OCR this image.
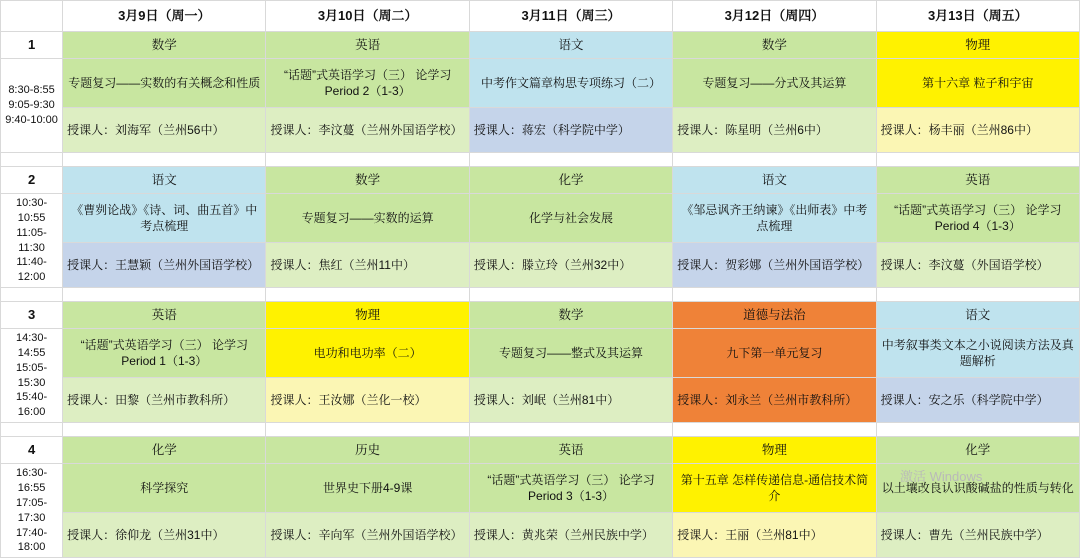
	3月9日（周一）	3月10日（周二）	3月11日（周三）	3月12日（周四）	3月13日（周五）
1	数学	英语	语文	数学	物理

8:30-8:55
9:05-9:30
9:40-10:00	专题复习——实数的有关概念和性质	“话题”式英语学习（三） 论学习 Period 2（1-3）	中考作文篇章构思专项练习（二）	专题复习——分式及其运算	第十六章 粒子和宇宙
	授课人：刘海军（兰州56中）	授课人：李汶蔓（兰州外国语学校）	授课人：蒋宏（科学院中学）	授课人：陈星明（兰州6中）	授课人：杨丰丽（兰州86中）

2	语文	数学	化学	语文	英语

10:30-10:55
11:05-11:30
11:40-12:00	《曹刿论战》《诗、词、曲五首》中考点梳理	专题复习——实数的运算	化学与社会发展	《邹忌讽齐王纳谏》《出师表》中考点梳理	“话题”式英语学习（三） 论学习 Period 4（1-3）
	授课人：王慧颖（兰州外国语学校）	授课人：焦红（兰州11中）	授课人：滕立玲（兰州32中）	授课人：贺彩娜（兰州外国语学校）	授课人：李汶蔓（外国语学校）

3	英语	物理	数学	道德与法治	语文

14:30-14:55
15:05-15:30
15:40-16:00	“话题”式英语学习（三） 论学习 Period 1（1-3）	电功和电功率（二）	专题复习——整式及其运算	九下第一单元复习	中考叙事类文本之小说阅读方法及真题解析
	授课人：田黎（兰州市教科所）	授课人：王汝娜（兰化一校）	授课人：刘岷（兰州81中）	授课人：刘永兰（兰州市教科所）	授课人：安之乐（科学院中学）

4	化学	历史	英语	物理	化学

16:30-16:55
17:05-17:30
17:40-18:00	科学探究	世界史下册4-9课	“话题”式英语学习（三） 论学习 Period 3（1-3）	第十五章 怎样传递信息-通信技术简介	以土壤改良认识酸碱盐的性质与转化
	授课人：徐仰龙（兰州31中）	授课人：辛向军（兰州外国语学校）	授课人：黄兆荣（兰州民族中学）	授课人：王丽（兰州81中）	授课人：曹先（兰州民族中学）
激活 Windows
